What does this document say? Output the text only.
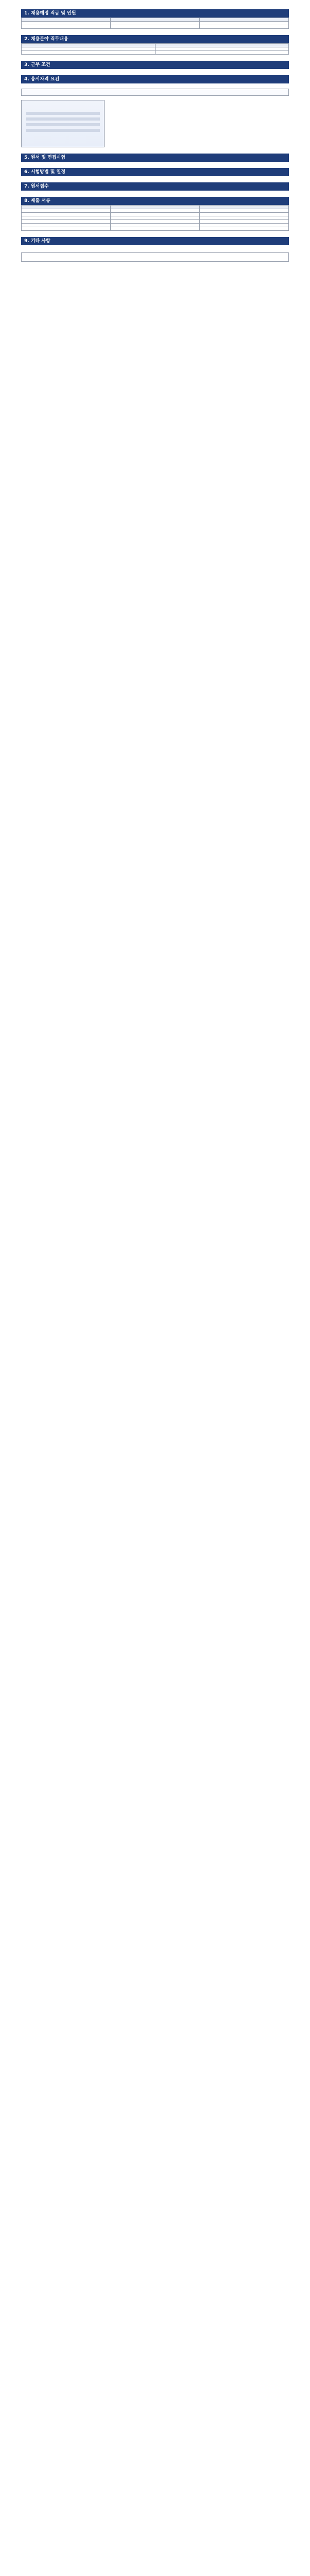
1. 채용예정 직급 및 인원

2. 채용분야 직무내용

3. 근무 조건
4. 응시자격 요건
5. 원서 및 면접시험
6. 시험방법 및 일정
7. 원서접수
8. 제출 서류

9. 기타 사항
